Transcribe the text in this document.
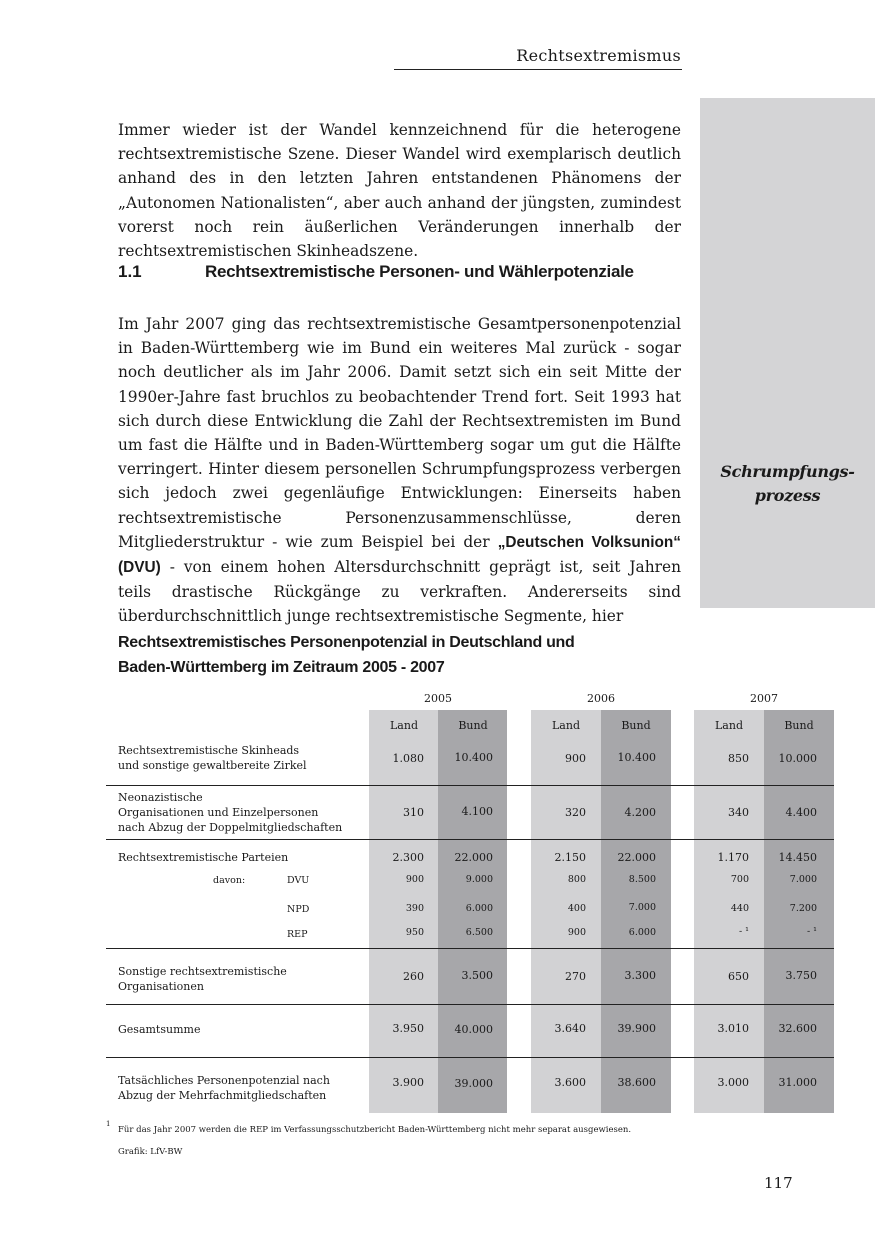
Rechtsextremismus
Schrumpfungs-
prozess
Immer wieder ist der Wandel kennzeichnend für die heterogene rechtsextremistische Szene. Dieser Wandel wird exemplarisch deutlich anhand des in den letzten Jahren entstandenen Phänomens der „Autonomen Nationalisten“, aber auch anhand der jüngsten, zumindest vorerst noch rein äußerlichen Veränderungen innerhalb der rechtsextremistischen Skinheadszene.
1.1	Rechtsextremistische Personen- und Wählerpotenziale
Im Jahr 2007 ging das rechtsextremistische Gesamtpersonenpotenzial in Baden-Württemberg wie im Bund ein weiteres Mal zurück - sogar noch deutlicher als im Jahr 2006. Damit setzt sich ein seit Mitte der 1990er-Jahre fast bruchlos zu beobachtender Trend fort. Seit 1993 hat sich durch diese Entwicklung die Zahl der Rechtsextremisten im Bund um fast die Hälfte und in Baden-Württemberg sogar um gut die Hälfte verringert. Hinter diesem personellen Schrumpfungsprozess verbergen sich jedoch zwei gegenläufige Entwicklungen: Einerseits haben rechtsextremistische Personenzusammenschlüsse, deren Mitgliederstruktur - wie zum Beispiel bei der „Deutschen Volksunion“ (DVU) - von einem hohen Altersdurchschnitt geprägt ist, seit Jahren teils drastische Rückgänge zu verkraften. Andererseits sind überdurchschnittlich junge rechtsextremistische Segmente, hier
Rechtsextremistisches Personenpotenzial in Deutschland und
Baden-Württemberg im Zeitraum 2005 - 2007
2005	2006	2007
Land	Bund	Land	Bund	Land	Bund
Rechtsextremistische Skinheads
und sonstige gewaltbereite Zirkel
1.080	10.400	900	10.400	850	10.000
Neonazistische
Organisationen und Einzelpersonen
nach Abzug der Doppelmitgliedschaften
310	4.100	320	4.200	340	4.400
Rechtsextremistische Parteien	2.300	22.000	2.150	22.000	1.170	14.450
davon:	DVU	900	9.000	800	8.500	700	7.000
NPD	390	6.000	400	7.000	440	7.200
REP	950	6.500	900	6.000	- ¹	- ¹
Sonstige rechtsextremistische
Organisationen
260	3.500	270	3.300	650	3.750
Gesamtsumme	3.950	40.000	3.640	39.900	3.010	32.600
Tatsächliches Personenpotenzial nach
Abzug der Mehrfachmitgliedschaften
3.900	39.000	3.600	38.600	3.000	31.000
1
Für das Jahr 2007 werden die REP im Verfassungsschutzbericht Baden-Württemberg nicht mehr separat ausgewiesen.
Grafik: LfV-BW
117
